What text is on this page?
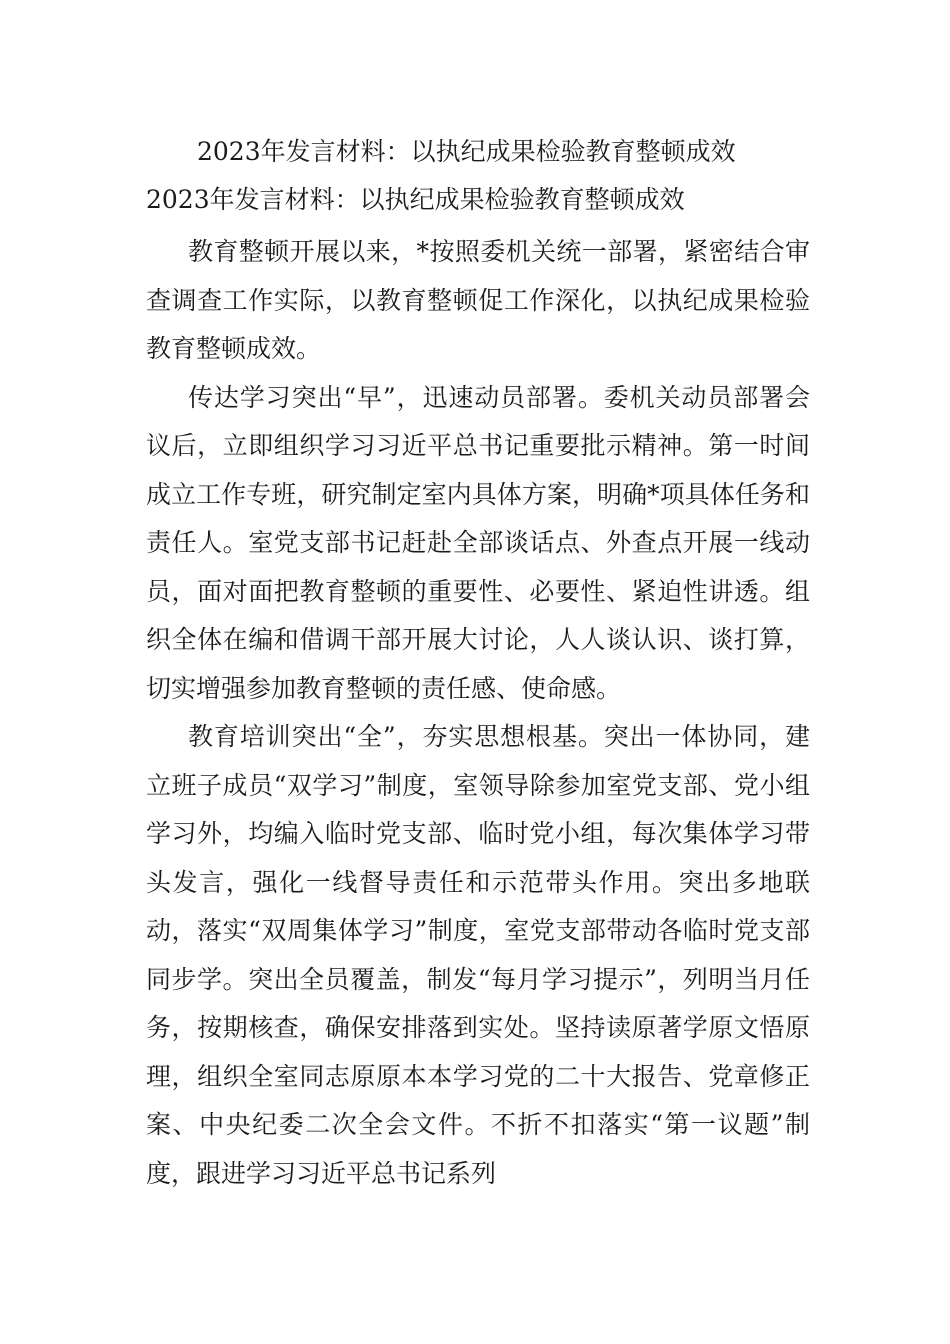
2023年发言材料：以执纪成果检验教育整顿成效
2023年发言材料：以执纪成果检验教育整顿成效

教育整顿开展以来，*按照委机关统一部署，紧密结合审查调查工作实际，以教育整顿促工作深化，以执纪成果检验教育整顿成效。

传达学习突出“早”，迅速动员部署。委机关动员部署会议后，立即组织学习习近平总书记重要批示精神。第一时间成立工作专班，研究制定室内具体方案，明确*项具体任务和责任人。室党支部书记赶赴全部谈话点、外查点开展一线动员，面对面把教育整顿的重要性、必要性、紧迫性讲透。组织全体在编和借调干部开展大讨论，人人谈认识、谈打算，切实增强参加教育整顿的责任感、使命感。

教育培训突出“全”，夯实思想根基。突出一体协同，建立班子成员“双学习”制度，室领导除参加室党支部、党小组学习外，均编入临时党支部、临时党小组，每次集体学习带头发言，强化一线督导责任和示范带头作用。突出多地联动，落实“双周集体学习”制度，室党支部带动各临时党支部同步学。突出全员覆盖，制发“每月学习提示”，列明当月任务，按期核查，确保安排落到实处。坚持读原著学原文悟原理，组织全室同志原原本本学习党的二十大报告、党章修正案、中央纪委二次全会文件。不折不扣落实“第一议题”制度，跟进学习习近平总书记系列
